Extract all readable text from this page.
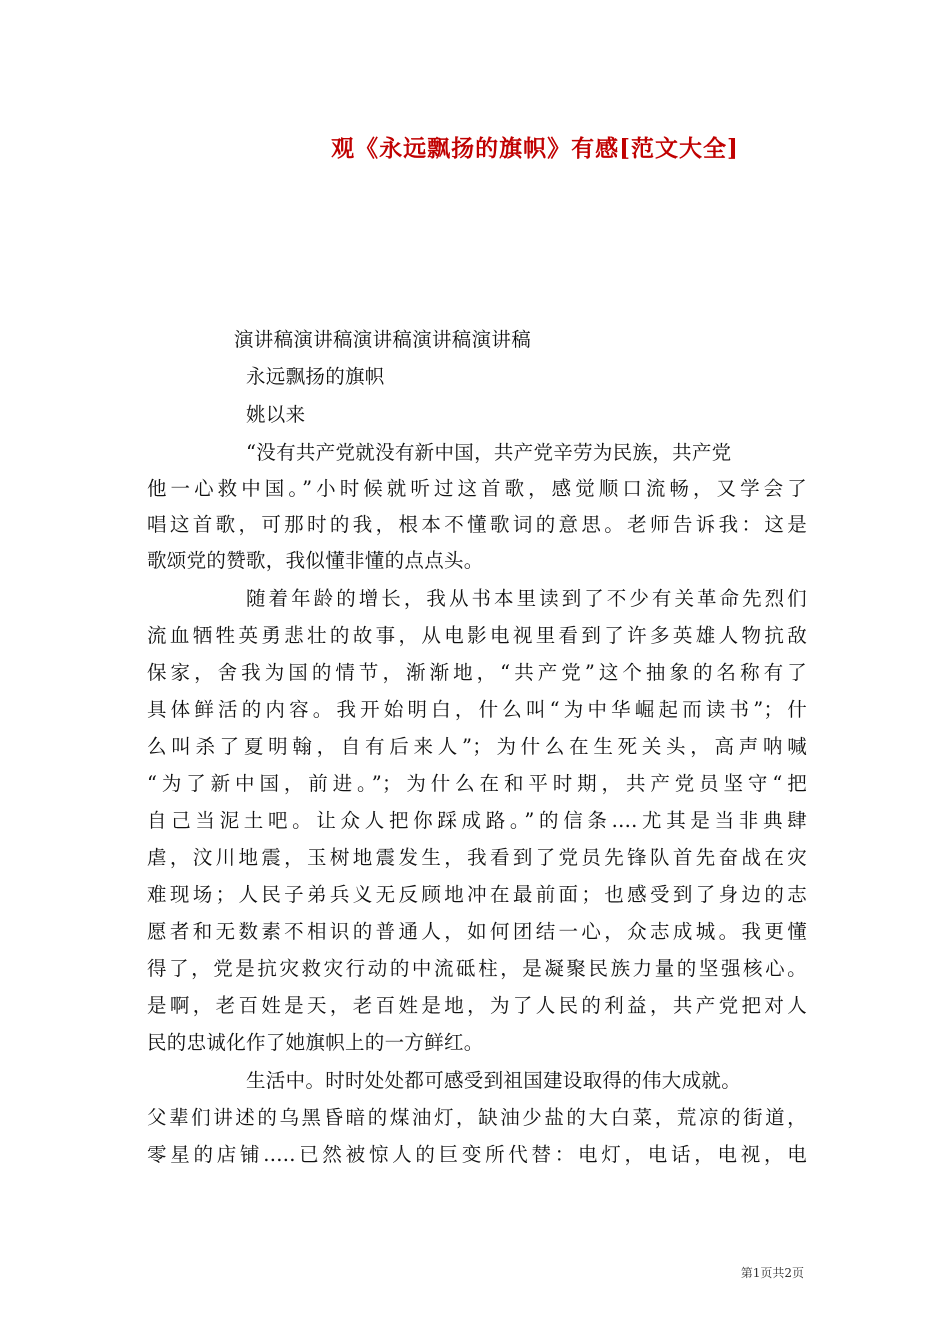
观《永远飘扬的旗帜》有感[范文大全]
演讲稿演讲稿演讲稿演讲稿演讲稿
永远飘扬的旗帜
姚以来
“没有共产党就没有新中国，共产党辛劳为民族，共产党
他一心救中国。”小时候就听过这首歌，感觉顺口流畅，又学会了
唱这首歌，可那时的我，根本不懂歌词的意思。老师告诉我：这是
歌颂党的赞歌，我似懂非懂的点点头。
随着年龄的增长，我从书本里读到了不少有关革命先烈们
流血牺牲英勇悲壮的故事，从电影电视里看到了许多英雄人物抗敌
保家，舍我为国的情节，渐渐地，“共产党”这个抽象的名称有了
具体鲜活的内容。我开始明白，什么叫“为中华崛起而读书”；什
么叫杀了夏明翰，自有后来人”；为什么在生死关头，高声呐喊
“为了新中国，前进。”；为什么在和平时期，共产党员坚守“把
自己当泥土吧。让众人把你踩成路。”的信条....尤其是当非典肆
虐，汶川地震，玉树地震发生，我看到了党员先锋队首先奋战在灾
难现场；人民子弟兵义无反顾地冲在最前面；也感受到了身边的志
愿者和无数素不相识的普通人，如何团结一心，众志成城。我更懂
得了，党是抗灾救灾行动的中流砥柱，是凝聚民族力量的坚强核心。
是啊，老百姓是天，老百姓是地，为了人民的利益，共产党把对人
民的忠诚化作了她旗帜上的一方鲜红。
生活中。时时处处都可感受到祖国建设取得的伟大成就。
父辈们讲述的乌黑昏暗的煤油灯，缺油少盐的大白菜，荒凉的街道，
零星的店铺.....已然被惊人的巨变所代替：电灯，电话，电视，电
第1页共2页
